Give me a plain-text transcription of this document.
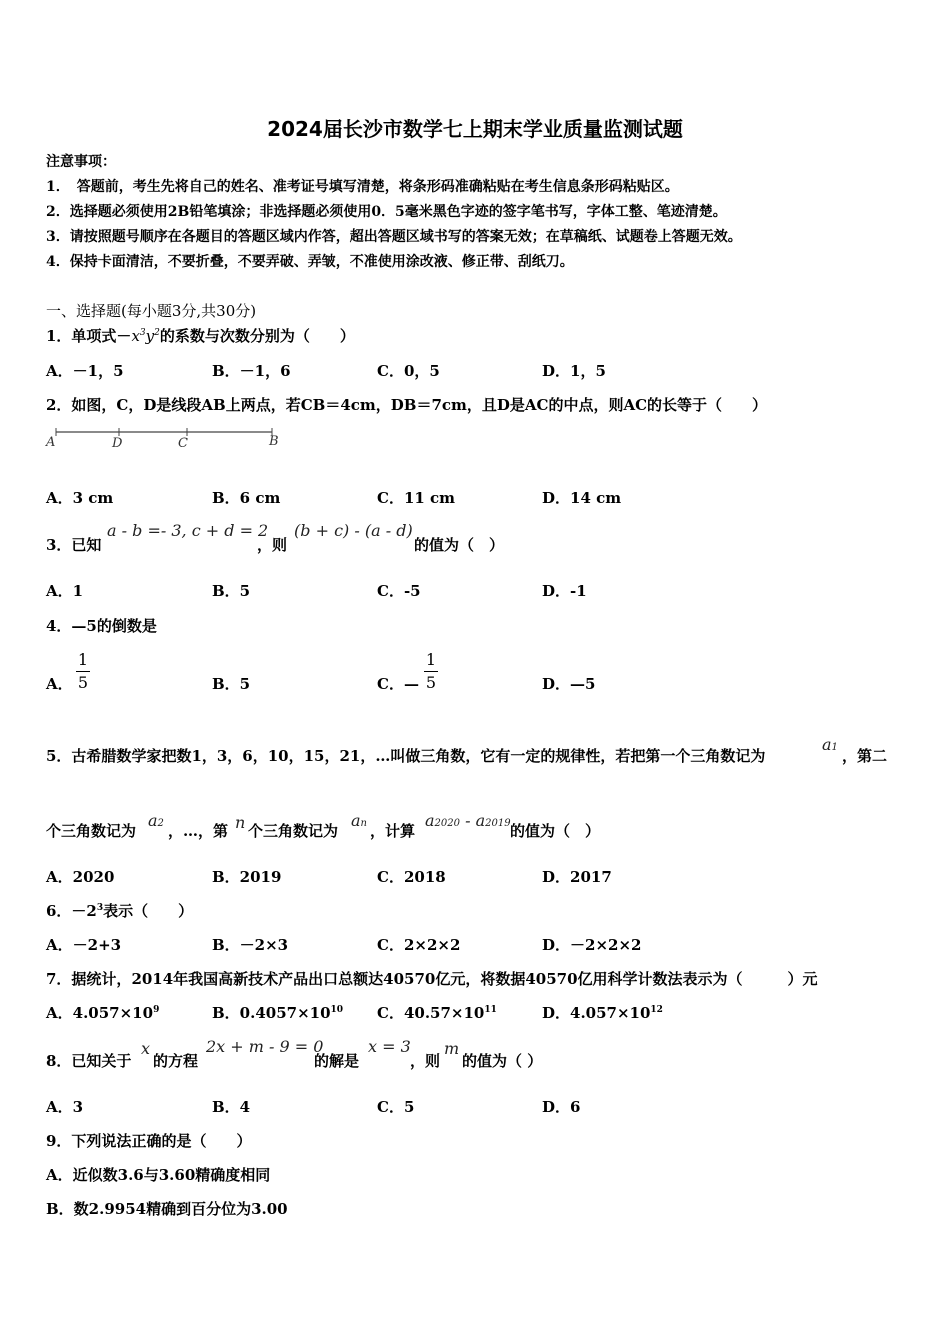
2024届长沙市数学七上期末学业质量监测试题
注意事项：
1．　答题前，考生先将自己的姓名、准考证号填写清楚，将条形码准确粘贴在考生信息条形码粘贴区。
2．选择题必须使用2B铅笔填涂；非选择题必须使用0．5毫米黑色字迹的签字笔书写，字体工整、笔迹清楚。
3．请按照题号顺序在各题目的答题区域内作答，超出答题区域书写的答案无效；在草稿纸、试题卷上答题无效。
4．保持卡面清洁，不要折叠，不要弄破、弄皱，不准使用涂改液、修正带、刮纸刀。
一、选择题(每小题3分,共30分)
1．单项式$-x^3y^2$的系数与次数分别为（　　）
A．－1，5	B．－1，6	C．0，5	D．1，5
2．如图，C，D是线段AB上两点，若CB＝4cm，DB＝7cm，且D是AC的中点，则AC的长等于（　　）
A	D	C	B
A．3 cm	B．6 cm	C．11 cm	D．14 cm
3．已知
a - b =- 3, c + d = 2
，则
(b + c) - (a - d)
的值为（　）
A．1	B．5	C．-5	D．-1
4．—5的倒数是
A．
1
5	B．5	C．—
1
5	D．—5
5．古希腊数学家把数1，3，6，10，15，21，…叫做三角数，它有一定的规律性，若把第一个三角数记为
a1 ，第二
个三角数记为
a2 ，…，第 n 个三角数记为
an ，计算
a2020 - a2019 的值为（　）
A．2020	B．2019	C．2018	D．2017
6．$-2^3$表示（　　）
A．－2+3	B．－2×3	C．2×2×2	D．－2×2×2
7．据统计，2014年我国高新技术产品出口总额达40570亿元，将数据40570亿用科学计数法表示为（　　　）元
A．$4.057\times 10^9$	B．$0.4057\times 10^{10}$ C．$40.57\times 10^{11}$	D．$4.057\times 10^{12}$
8．已知关于
x
的方程
2x + m - 9 = 0
的解是
x = 3
，则
m
的值为（ ）
A．3	B．4	C．5	D．6
9．下列说法正确的是（　　）
A．近似数3.6与3.60精确度相同
B．数2.9954精确到百分位为3.00
